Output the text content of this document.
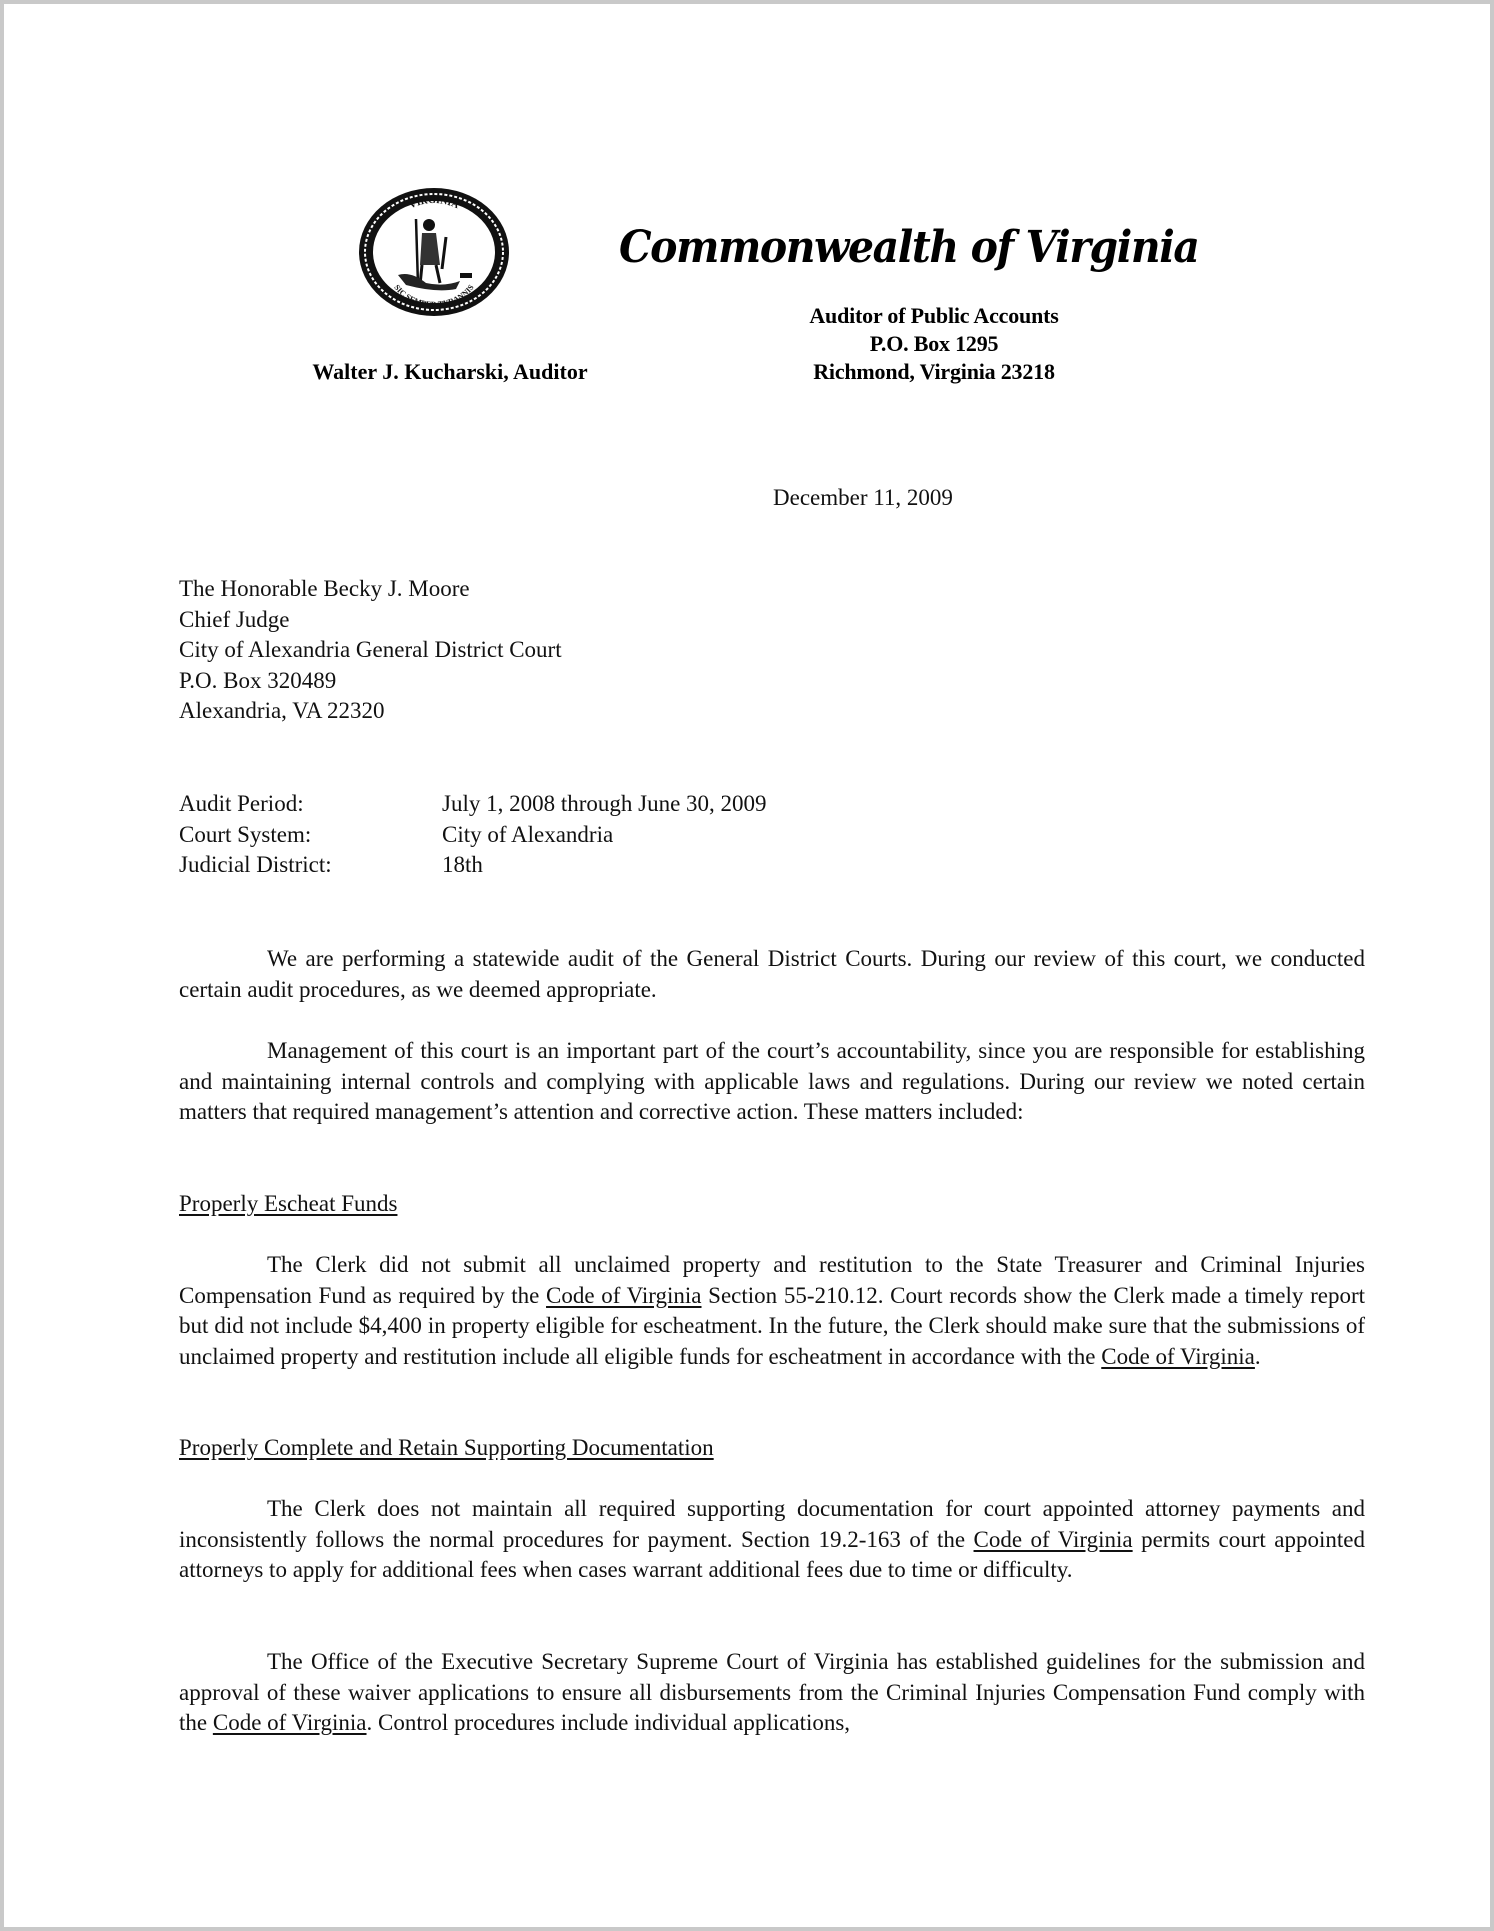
VIRGINIA
SIC SEMPER TYRANNIS
Commonwealth of Virginia
Auditor of Public Accounts
P.O. Box 1295
Richmond, Virginia 23218
Walter J. Kucharski, Auditor
December 11, 2009
The Honorable Becky J. Moore
Chief Judge
City of Alexandria General District Court
P.O. Box 320489
Alexandria, VA 22320
Audit Period:	July 1, 2008 through June 30, 2009
Court System:	City of Alexandria
Judicial District:	18th
We are performing a statewide audit of the General District Courts. During our review of this court, we conducted certain audit procedures, as we deemed appropriate.
Management of this court is an important part of the court’s accountability, since you are responsible for establishing and maintaining internal controls and complying with applicable laws and regulations. During our review we noted certain matters that required management’s attention and corrective action. These matters included:
Properly Escheat Funds
The Clerk did not submit all unclaimed property and restitution to the State Treasurer and Criminal Injuries Compensation Fund as required by the Code of Virginia Section 55-210.12. Court records show the Clerk made a timely report but did not include $4,400 in property eligible for escheatment. In the future, the Clerk should make sure that the submissions of unclaimed property and restitution include all eligible funds for escheatment in accordance with the Code of Virginia.
Properly Complete and Retain Supporting Documentation
The Clerk does not maintain all required supporting documentation for court appointed attorney payments and inconsistently follows the normal procedures for payment. Section 19.2-163 of the Code of Virginia permits court appointed attorneys to apply for additional fees when cases warrant additional fees due to time or difficulty.
The Office of the Executive Secretary Supreme Court of Virginia has established guidelines for the submission and approval of these waiver applications to ensure all disbursements from the Criminal Injuries Compensation Fund comply with the Code of Virginia. Control procedures include individual applications,
